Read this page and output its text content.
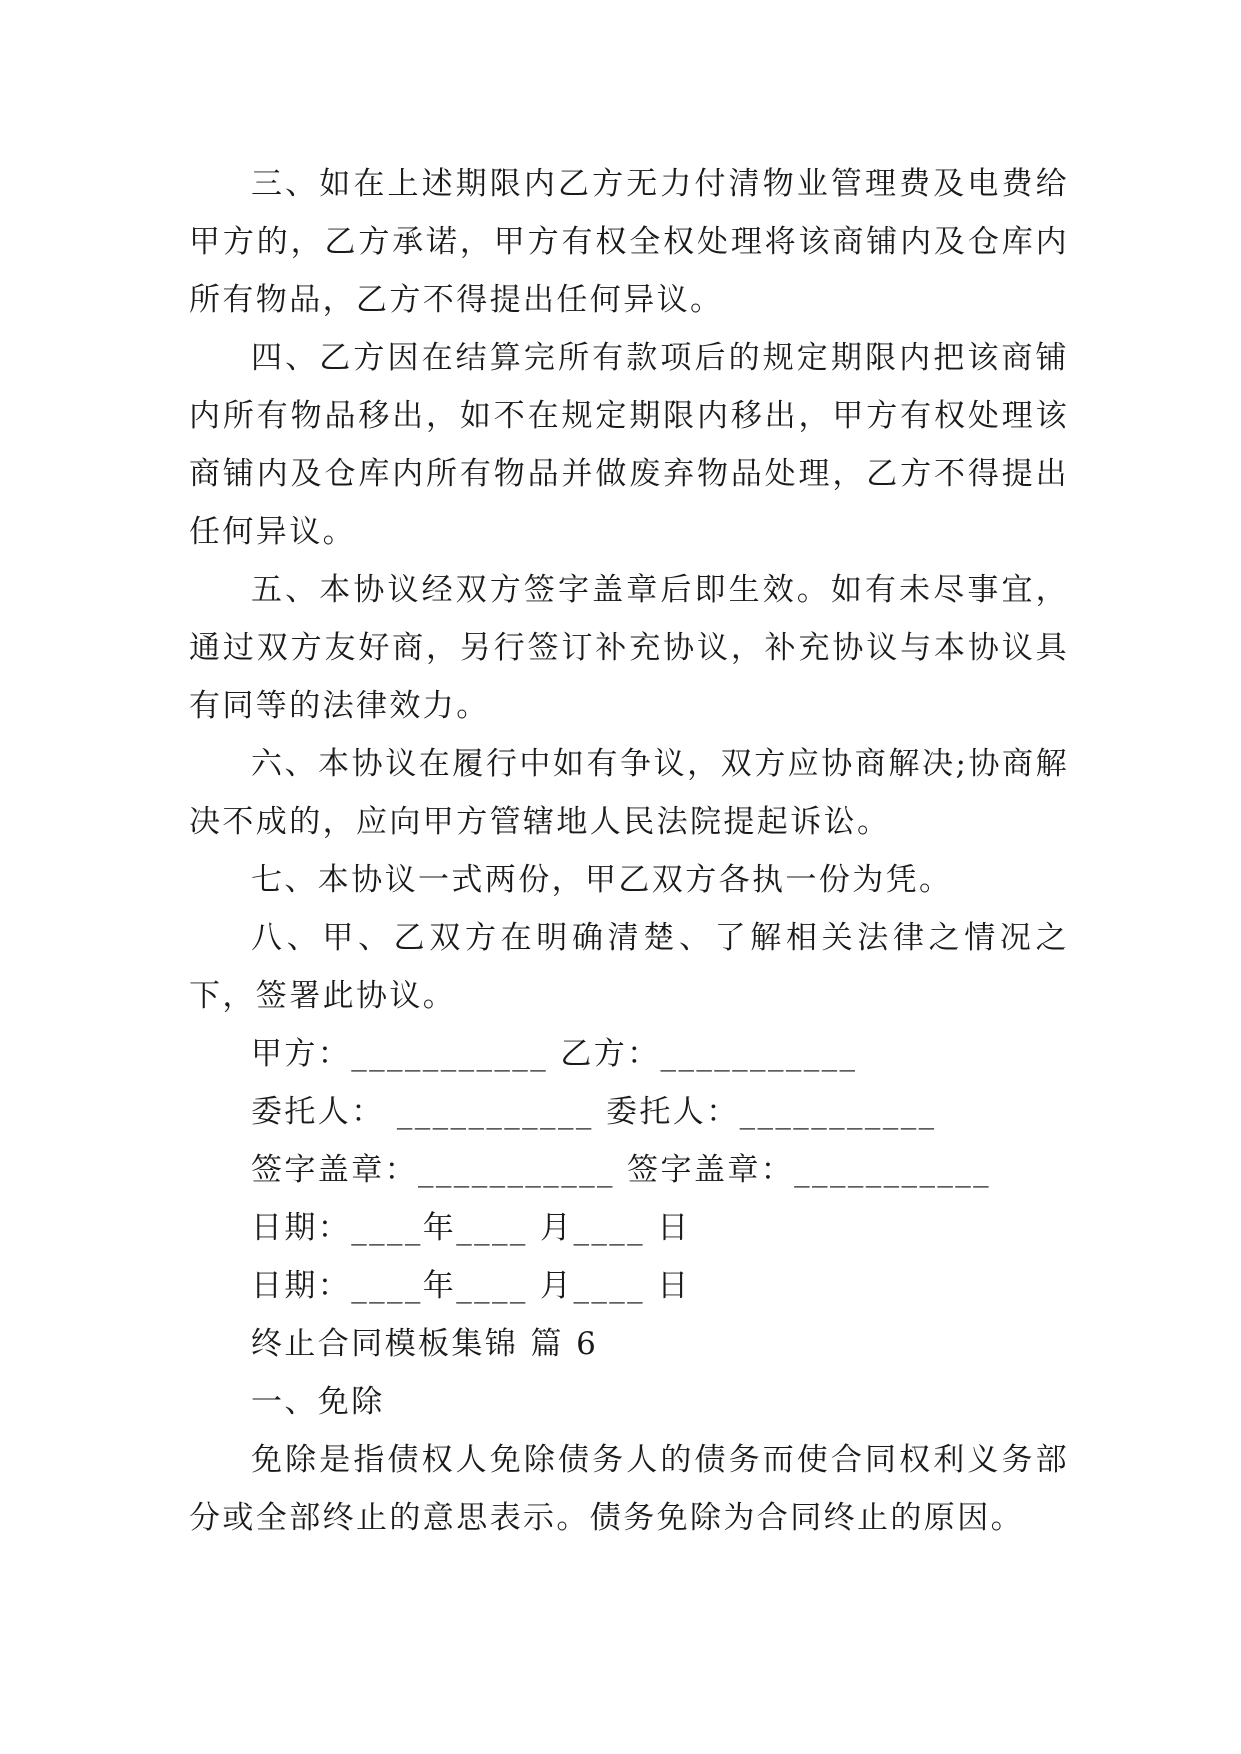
三、如在上述期限内乙方无力付清物业管理费及电费给甲方的，乙方承诺，甲方有权全权处理将该商铺内及仓库内所有物品，乙方不得提出任何异议。

四、乙方因在结算完所有款项后的规定期限内把该商铺内所有物品移出，如不在规定期限内移出，甲方有权处理该商铺内及仓库内所有物品并做废弃物品处理，乙方不得提出任何异议。

五、本协议经双方签字盖章后即生效。如有未尽事宜，通过双方友好商，另行签订补充协议，补充协议与本协议具有同等的法律效力。

六、本协议在履行中如有争议，双方应协商解决;协商解决不成的，应向甲方管辖地人民法院提起诉讼。

七、本协议一式两份，甲乙双方各执一份为凭。

八、甲、乙双方在明确清楚、了解相关法律之情况之下，签署此协议。

甲方：___________ 乙方：___________

委托人： ___________ 委托人：___________

签字盖章：___________ 签字盖章：___________

日期：____年____ 月____ 日

日期：____年____ 月____ 日

终止合同模板集锦 篇 6

一、免除

免除是指债权人免除债务人的债务而使合同权利义务部分或全部终止的意思表示。债务免除为合同终止的原因。
